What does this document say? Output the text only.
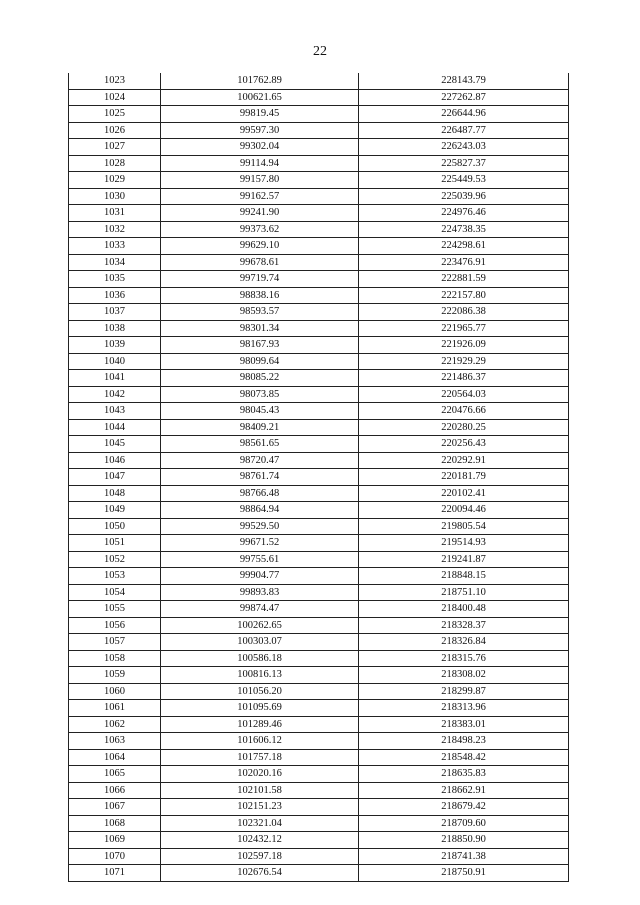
22
1023	101762.89	228143.79
1024	100621.65	227262.87
1025	99819.45	226644.96
1026	99597.30	226487.77
1027	99302.04	226243.03
1028	99114.94	225827.37
1029	99157.80	225449.53
1030	99162.57	225039.96
1031	99241.90	224976.46
1032	99373.62	224738.35
1033	99629.10	224298.61
1034	99678.61	223476.91
1035	99719.74	222881.59
1036	98838.16	222157.80
1037	98593.57	222086.38
1038	98301.34	221965.77
1039	98167.93	221926.09
1040	98099.64	221929.29
1041	98085.22	221486.37
1042	98073.85	220564.03
1043	98045.43	220476.66
1044	98409.21	220280.25
1045	98561.65	220256.43
1046	98720.47	220292.91
1047	98761.74	220181.79
1048	98766.48	220102.41
1049	98864.94	220094.46
1050	99529.50	219805.54
1051	99671.52	219514.93
1052	99755.61	219241.87
1053	99904.77	218848.15
1054	99893.83	218751.10
1055	99874.47	218400.48
1056	100262.65	218328.37
1057	100303.07	218326.84
1058	100586.18	218315.76
1059	100816.13	218308.02
1060	101056.20	218299.87
1061	101095.69	218313.96
1062	101289.46	218383.01
1063	101606.12	218498.23
1064	101757.18	218548.42
1065	102020.16	218635.83
1066	102101.58	218662.91
1067	102151.23	218679.42
1068	102321.04	218709.60
1069	102432.12	218850.90
1070	102597.18	218741.38
1071	102676.54	218750.91
